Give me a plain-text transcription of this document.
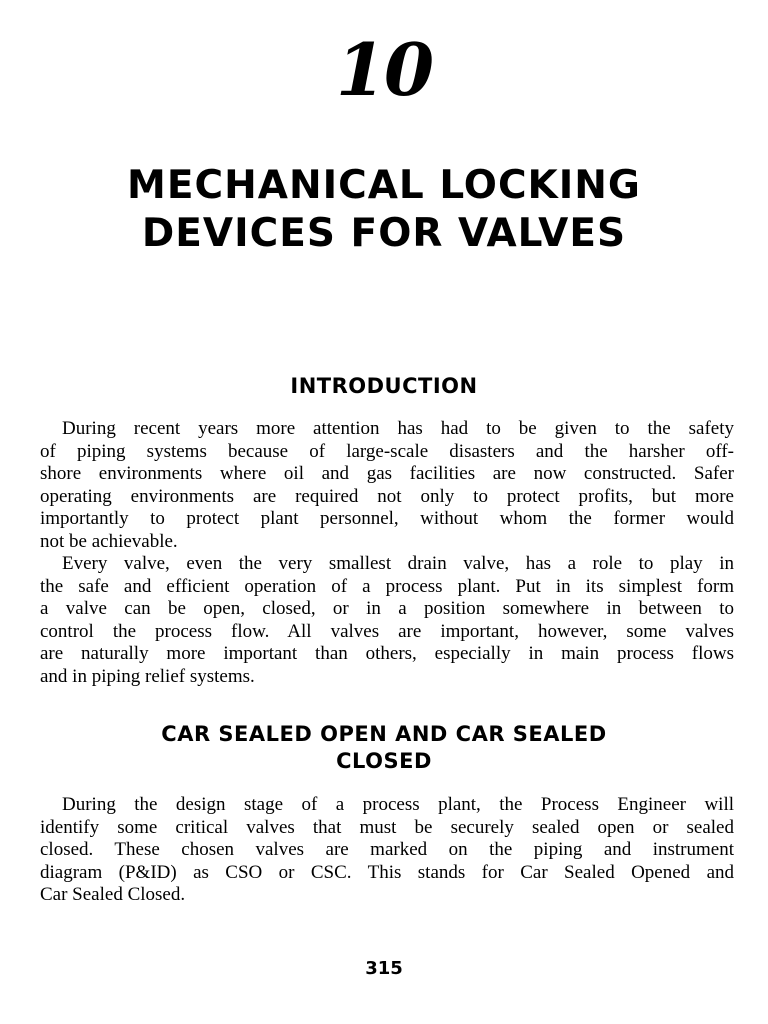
10
MECHANICAL LOCKING
DEVICES FOR VALVES
INTRODUCTION
During recent years more attention has had to be given to the safety
of piping systems because of large-scale disasters and the harsher off-
shore environments where oil and gas facilities are now constructed. Safer
operating environments are required not only to protect profits, but more
importantly to protect plant personnel, without whom the former would
not be achievable.
Every valve, even the very smallest drain valve, has a role to play in
the safe and efficient operation of a process plant. Put in its simplest form
a valve can be open, closed, or in a position somewhere in between to
control the process flow. All valves are important, however, some valves
are naturally more important than others, especially in main process flows
and in piping relief systems.
CAR SEALED OPEN AND CAR SEALED
CLOSED
During the design stage of a process plant, the Process Engineer will
identify some critical valves that must be securely sealed open or sealed
closed. These chosen valves are marked on the piping and instrument
diagram (P&ID) as CSO or CSC. This stands for Car Sealed Opened and
Car Sealed Closed.
315
